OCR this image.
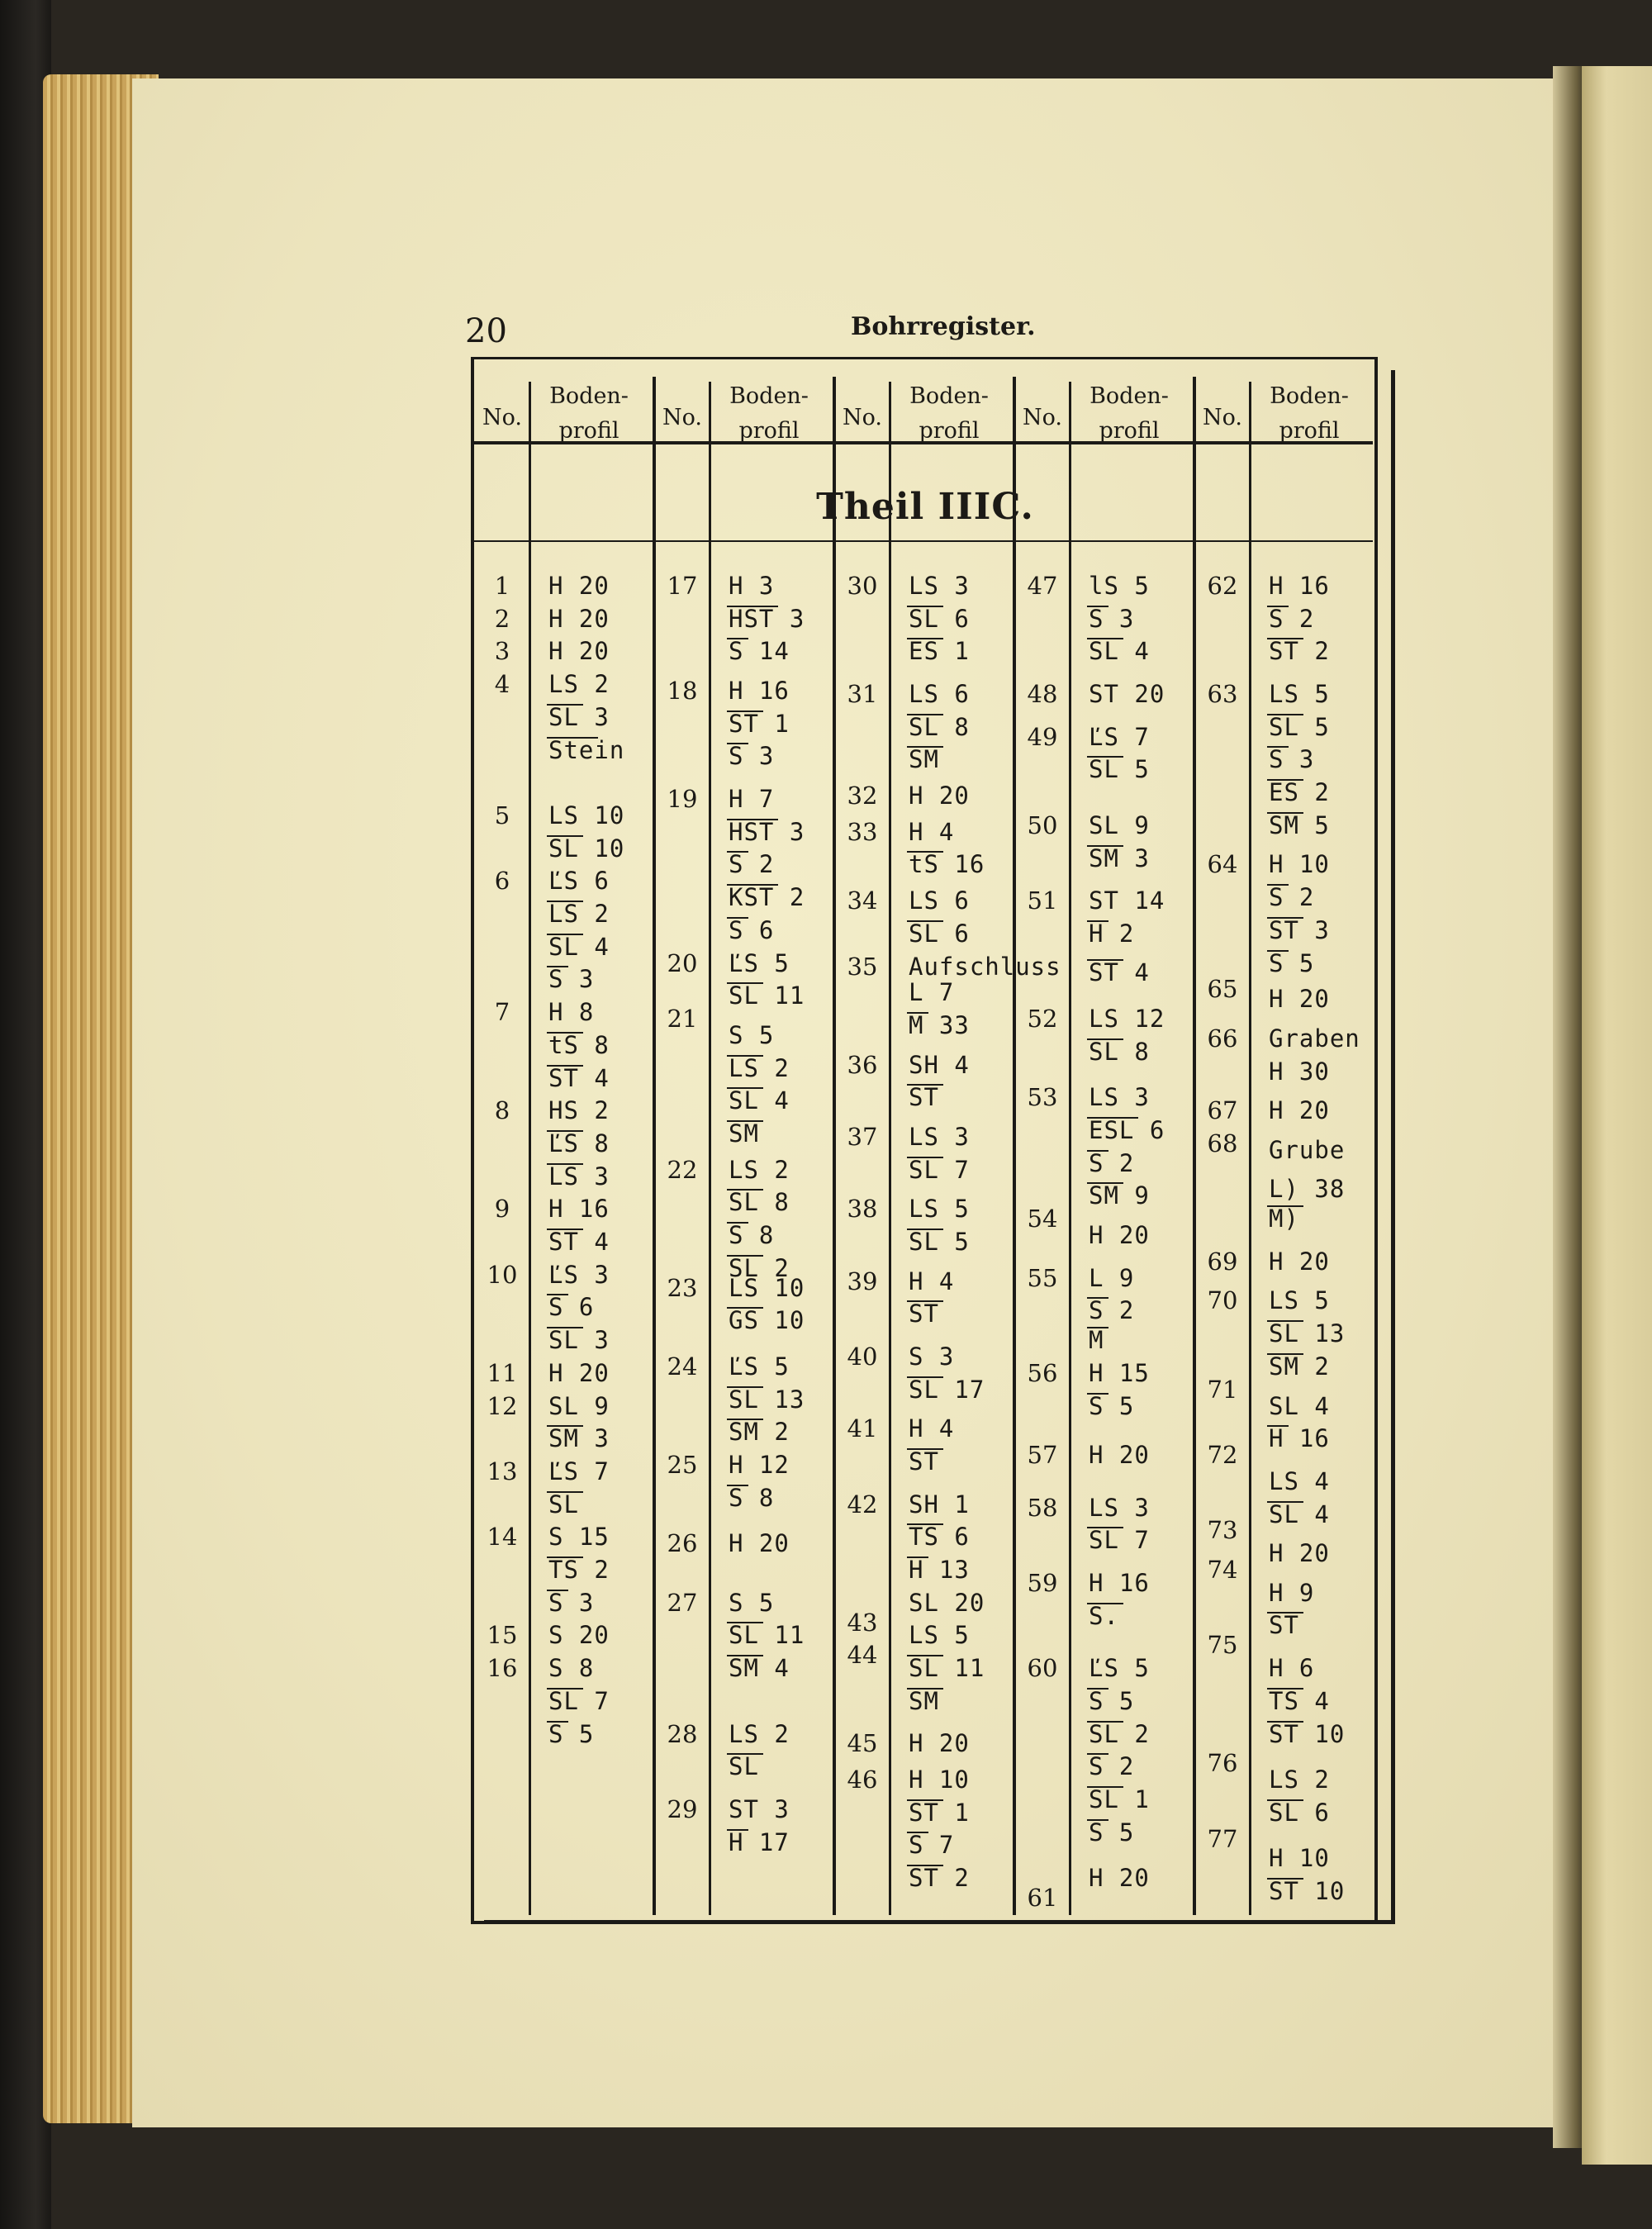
20	Bohrregister.
Theil IIIC.
No.
Boden-
profil
No.
Boden-
profil
No.
Boden-
profil
No.
Boden-
profil
No.
Boden-
profil
1
2
3
4
5
6
7
8
9
10
11
12
13
14
15
16
H 20
H 20
H 20
LS 2
SL 3
Stein
LS 10
SL 10
ĽS 6
LS 2
SL 4
S 3
H 8
tS 8
ST 4
HS 2
ĽS 8
LS 3
H 16
ST 4
ĽS 3
S 6
SL 3
H 20
SL 9
SM 3
ĽS 7
SL
S 15
TS 2
S 3
S 20
S 8
SL 7
S 5
17
18
19
20
21
22
23
24
25
26
27
28
29
H 3
HST 3
S 14
H 16
ST 1
S 3
H 7
HST 3
S 2
KST 2
S 6
ĽS 5
SL 11
S 5
LS 2
SL 4
SM
LS 2
SL 8
S 8
SL 2
LS 10
GS 10
ĽS 5
SL 13
SM 2
H 12
S 8
H 20
S 5
SL 11
SM 4
LS 2
SL
ST 3
H 17
30
31
32
33
34
35
36
37
38
39
40
41
42
43
44
45
46
LS 3
SL 6
ES 1
LS 6
SL 8
SM
H 20
H 4
tS 16
LS 6
SL 6
Aufschluss
L 7
M 33
SH 4
ST
LS 3
SL 7
LS 5
SL 5
H 4
ST
S 3
SL 17
H 4
ST
SH 1
TS 6
H 13
SL 20
LS 5
SL 11
SM
H 20
H 10
ST 1
S 7
ST 2
47
48
49
50
51
52
53
54
55
56
57
58
59
60
61
lS 5
S 3
SL 4
ST 20
ĽS 7
SL 5
SL 9
SM 3
ST 14
H 2
ST 4
LS 12
SL 8
LS 3
ESL 6
S 2
SM 9
H 20
L 9
S 2
M
H 15
S 5
H 20
LS 3
SL 7
H 16
S.
ĽS 5
S 5
SL 2
S 2
SL 1
S 5
H 20
62
63
64
65
66
67
68
69
70
71
72
73
74
75
76
77
H 16
S 2
ST 2
LS 5
SL 5
S 3
ES 2
SM 5
H 10
S 2
ST 3
S 5
H 20
Graben
H 30
H 20
Grube
L) 38
M)
H 20
LS 5
SL 13
SM 2
SL 4
H 16
LS 4
SL 4
H 20
H 9
ST
H 6
TS 4
ST 10
LS 2
SL 6
H 10
ST 10
